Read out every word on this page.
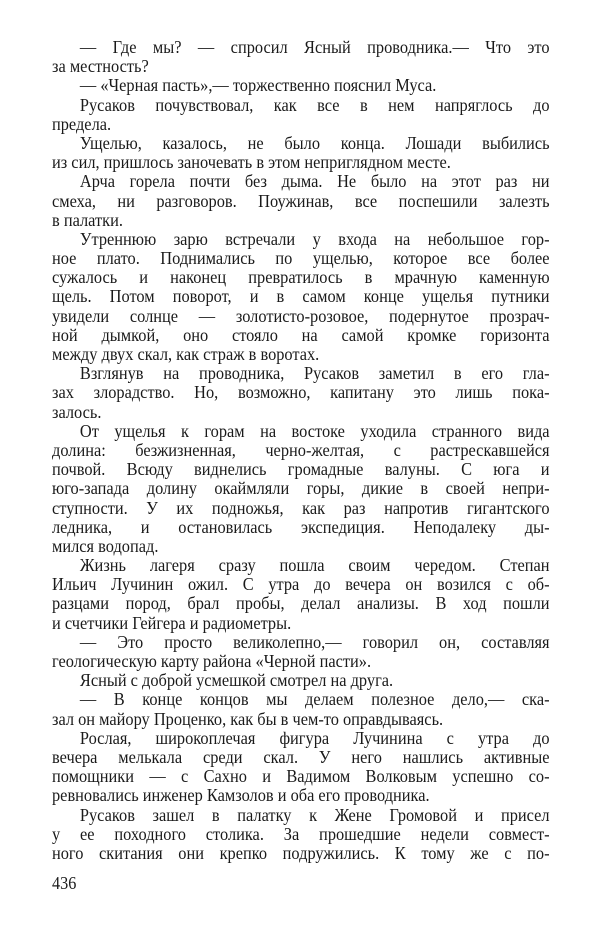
— Где мы? — спросил Ясный проводника.— Что это
за местность?
— «Черная пасть»,— торжественно пояснил Муса.
Русаков почувствовал, как все в нем напряглось до
предела.
Ущелью, казалось, не было конца. Лошади выбились
из сил, пришлось заночевать в этом неприглядном месте.
Арча горела почти без дыма. Не было на этот раз ни
смеха, ни разговоров. Поужинав, все поспешили залезть
в палатки.
Утреннюю зарю встречали у входа на небольшое гор-
ное плато. Поднимались по ущелью, которое все более
сужалось и наконец превратилось в мрачную каменную
щель. Потом поворот, и в самом конце ущелья путники
увидели солнце — золотисто-розовое, подернутое прозрач-
ной дымкой, оно стояло на самой кромке горизонта
между двух скал, как страж в воротах.
Взглянув на проводника, Русаков заметил в его гла-
зах злорадство. Но, возможно, капитану это лишь пока-
залось.
От ущелья к горам на востоке уходила странного вида
долина: безжизненная, черно-желтая, с растрескавшейся
почвой. Всюду виднелись громадные валуны. С юга и
юго-запада долину окаймляли горы, дикие в своей непри-
ступности. У их подножья, как раз напротив гигантского
ледника, и остановилась экспедиция. Неподалеку ды-
мился водопад.
Жизнь лагеря сразу пошла своим чередом. Степан
Ильич Лучинин ожил. С утра до вечера он возился с об-
разцами пород, брал пробы, делал анализы. В ход пошли
и счетчики Гейгера и радиометры.
— Это просто великолепно,— говорил он, составляя
геологическую карту района «Черной пасти».
Ясный с доброй усмешкой смотрел на друга.
— В конце концов мы делаем полезное дело,— ска-
зал он майору Проценко, как бы в чем-то оправдываясь.
Рослая, широкоплечая фигура Лучинина с утра до
вечера мелькала среди скал. У него нашлись активные
помощники — с Сахно и Вадимом Волковым успешно со-
ревновались инженер Камзолов и оба его проводника.
Русаков зашел в палатку к Жене Громовой и присел
у ее походного столика. За прошедшие недели совмест-
ного скитания они крепко подружились. К тому же с по-
436
